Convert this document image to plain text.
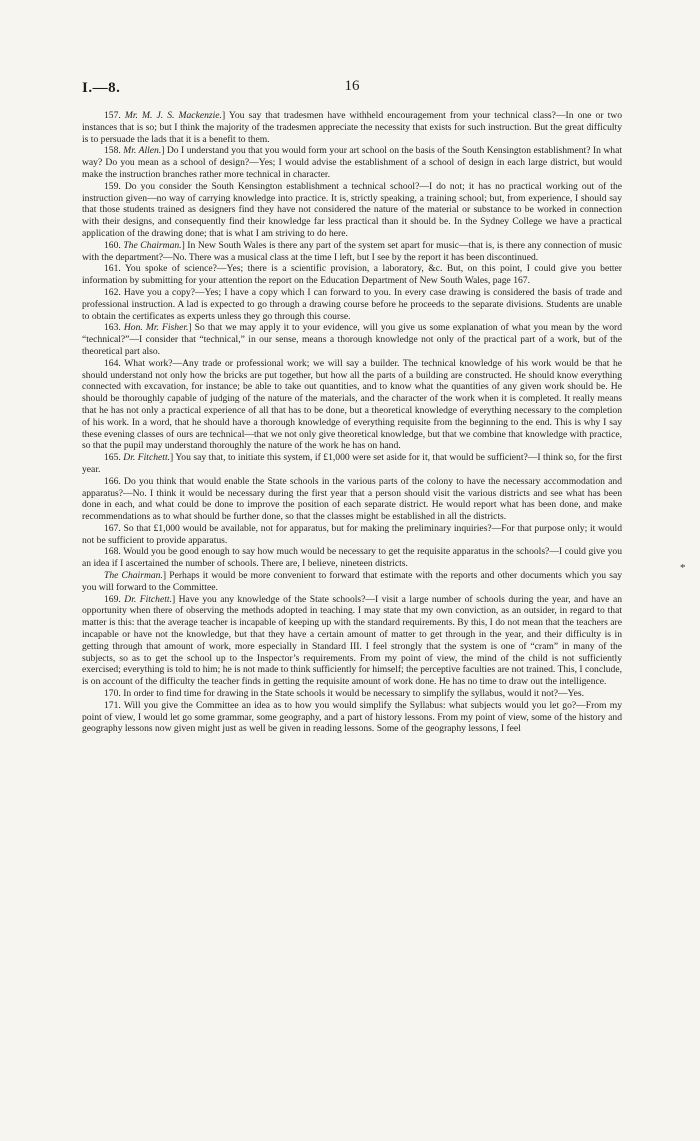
I.—8.	16

157. Mr. M. J. S. Mackenzie.] You say that tradesmen have withheld encouragement from your technical class?—In one or two instances that is so; but I think the majority of the tradesmen appreciate the necessity that exists for such instruction. But the great difficulty is to persuade the lads that it is a benefit to them.

158. Mr. Allen.] Do I understand you that you would form your art school on the basis of the South Kensington establishment? In what way? Do you mean as a school of design?—Yes; I would advise the establishment of a school of design in each large district, but would make the instruction branches rather more technical in character.

159. Do you consider the South Kensington establishment a technical school?—I do not; it has no practical working out of the instruction given—no way of carrying knowledge into practice. It is, strictly speaking, a training school; but, from experience, I should say that those students trained as designers find they have not considered the nature of the material or substance to be worked in connection with their designs, and consequently find their knowledge far less practical than it should be. In the Sydney College we have a practical application of the drawing done; that is what I am striving to do here.

160. The Chairman.] In New South Wales is there any part of the system set apart for music—that is, is there any connection of music with the department?—No. There was a musical class at the time I left, but I see by the report it has been discontinued.

161. You spoke of science?—Yes; there is a scientific provision, a laboratory, &c. But, on this point, I could give you better information by submitting for your attention the report on the Education Department of New South Wales, page 167.

162. Have you a copy?—Yes; I have a copy which I can forward to you. In every case drawing is considered the basis of trade and professional instruction. A lad is expected to go through a drawing course before he proceeds to the separate divisions. Students are unable to obtain the certificates as experts unless they go through this course.

163. Hon. Mr. Fisher.] So that we may apply it to your evidence, will you give us some explanation of what you mean by the word “technical?”—I consider that “technical,” in our sense, means a thorough knowledge not only of the practical part of a work, but of the theoretical part also.

164. What work?—Any trade or professional work; we will say a builder. The technical knowledge of his work would be that he should understand not only how the bricks are put together, but how all the parts of a building are constructed. He should know everything connected with excavation, for instance; be able to take out quantities, and to know what the quantities of any given work should be. He should be thoroughly capable of judging of the nature of the materials, and the character of the work when it is completed. It really means that he has not only a practical experience of all that has to be done, but a theoretical knowledge of everything necessary to the completion of his work. In a word, that he should have a thorough knowledge of everything requisite from the beginning to the end. This is why I say these evening classes of ours are technical—that we not only give theoretical knowledge, but that we combine that knowledge with practice, so that the pupil may understand thoroughly the nature of the work he has on hand.

165. Dr. Fitchett.] You say that, to initiate this system, if £1,000 were set aside for it, that would be sufficient?—I think so, for the first year.

166. Do you think that would enable the State schools in the various parts of the colony to have the necessary accommodation and apparatus?—No. I think it would be necessary during the first year that a person should visit the various districts and see what has been done in each, and what could be done to improve the position of each separate district. He would report what has been done, and make recommendations as to what should be further done, so that the classes might be established in all the districts.

167. So that £1,000 would be available, not for apparatus, but for making the preliminary inquiries?—For that purpose only; it would not be sufficient to provide apparatus.

168. Would you be good enough to say how much would be necessary to get the requisite apparatus in the schools?—I could give you an idea if I ascertained the number of schools. There are, I believe, nineteen districts.

The Chairman.] Perhaps it would be more convenient to forward that estimate with the reports and other documents which you say you will forward to the Committee.

169. Dr. Fitchett.] Have you any knowledge of the State schools?—I visit a large number of schools during the year, and have an opportunity when there of observing the methods adopted in teaching. I may state that my own conviction, as an outsider, in regard to that matter is this: that the average teacher is incapable of keeping up with the standard requirements. By this, I do not mean that the teachers are incapable or have not the knowledge, but that they have a certain amount of matter to get through in the year, and their difficulty is in getting through that amount of work, more especially in Standard III. I feel strongly that the system is one of “cram” in many of the subjects, so as to get the school up to the Inspector’s requirements. From my point of view, the mind of the child is not sufficiently exercised; everything is told to him; he is not made to think sufficiently for himself; the perceptive faculties are not trained. This, I conclude, is on account of the difficulty the teacher finds in getting the requisite amount of work done. He has no time to draw out the intelligence.

170. In order to find time for drawing in the State schools it would be necessary to simplify the syllabus, would it not?—Yes.

171. Will you give the Committee an idea as to how you would simplify the Syllabus: what subjects would you let go?—From my point of view, I would let go some grammar, some geography, and a part of history lessons. From my point of view, some of the history and geography lessons now given might just as well be given in reading lessons. Some of the geography lessons, I feel

*
